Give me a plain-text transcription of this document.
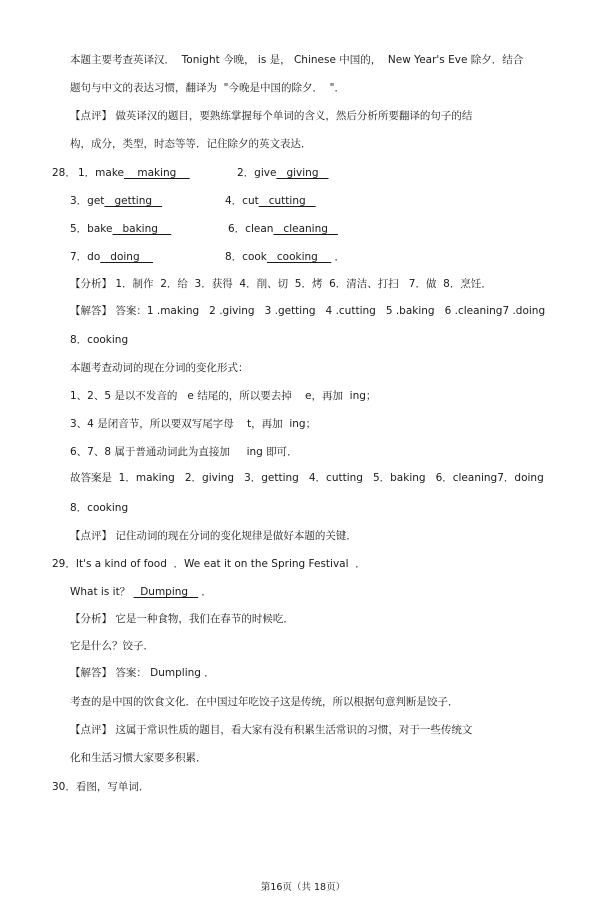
本题主要考查英译汉．  Tonight 今晚， is 是， Chinese 中国的，  New Year's Eve 除夕．结合
题句与中文的表达习惯，翻译为  "今晚是中国的除夕．  "．
【点评】 做英译汉的题目，要熟练掌握每个单词的含义，然后分析所要翻译的句子的结
构，成分，类型，时态等等．记住除夕的英文表达．
28． 1．make    making	2．give   giving
3．get   getting	4．cut   cutting
5．bake   baking	6．clean   cleaning
7．do   doing	8．cook   cooking     ．
【分析】 1．制作  2．给  3．获得  4．削、切  5．烤  6．清洁、打扫   7．做  8．烹饪．
【解答】 答案：1 .making   2 .giving   3 .getting   4 .cutting   5 .baking   6 .cleaning7 .doing
8．cooking
本题考查动词的现在分词的变化形式：
1、2、5 是以不发音的   e 结尾的，所以要去掉    e，再加  ing；
3、4 是闭音节，所以要双写尾字母    t，再加  ing；
6、7、8 属于普通动词此为直接加     ing 即可．
故答案是  1．making   2．giving   3．getting   4．cutting   5．baking   6．cleaning7．doing
8．cooking
【点评】 记住动词的现在分词的变化规律是做好本题的关键．
29．It's a kind of food  ．We eat it on the Spring Festival  ．
What is it？   Dumping    ．
【分析】 它是一种食物，我们在春节的时候吃．
它是什么？饺子．
【解答】 答案： Dumpling ．
考查的是中国的饮食文化．在中国过年吃饺子这是传统，所以根据句意判断是饺子．
【点评】 这属于常识性质的题目，看大家有没有积累生活常识的习惯，对于一些传统文
化和生活习惯大家要多积累．
30．看图，写单词．
第16页（共 18页）
